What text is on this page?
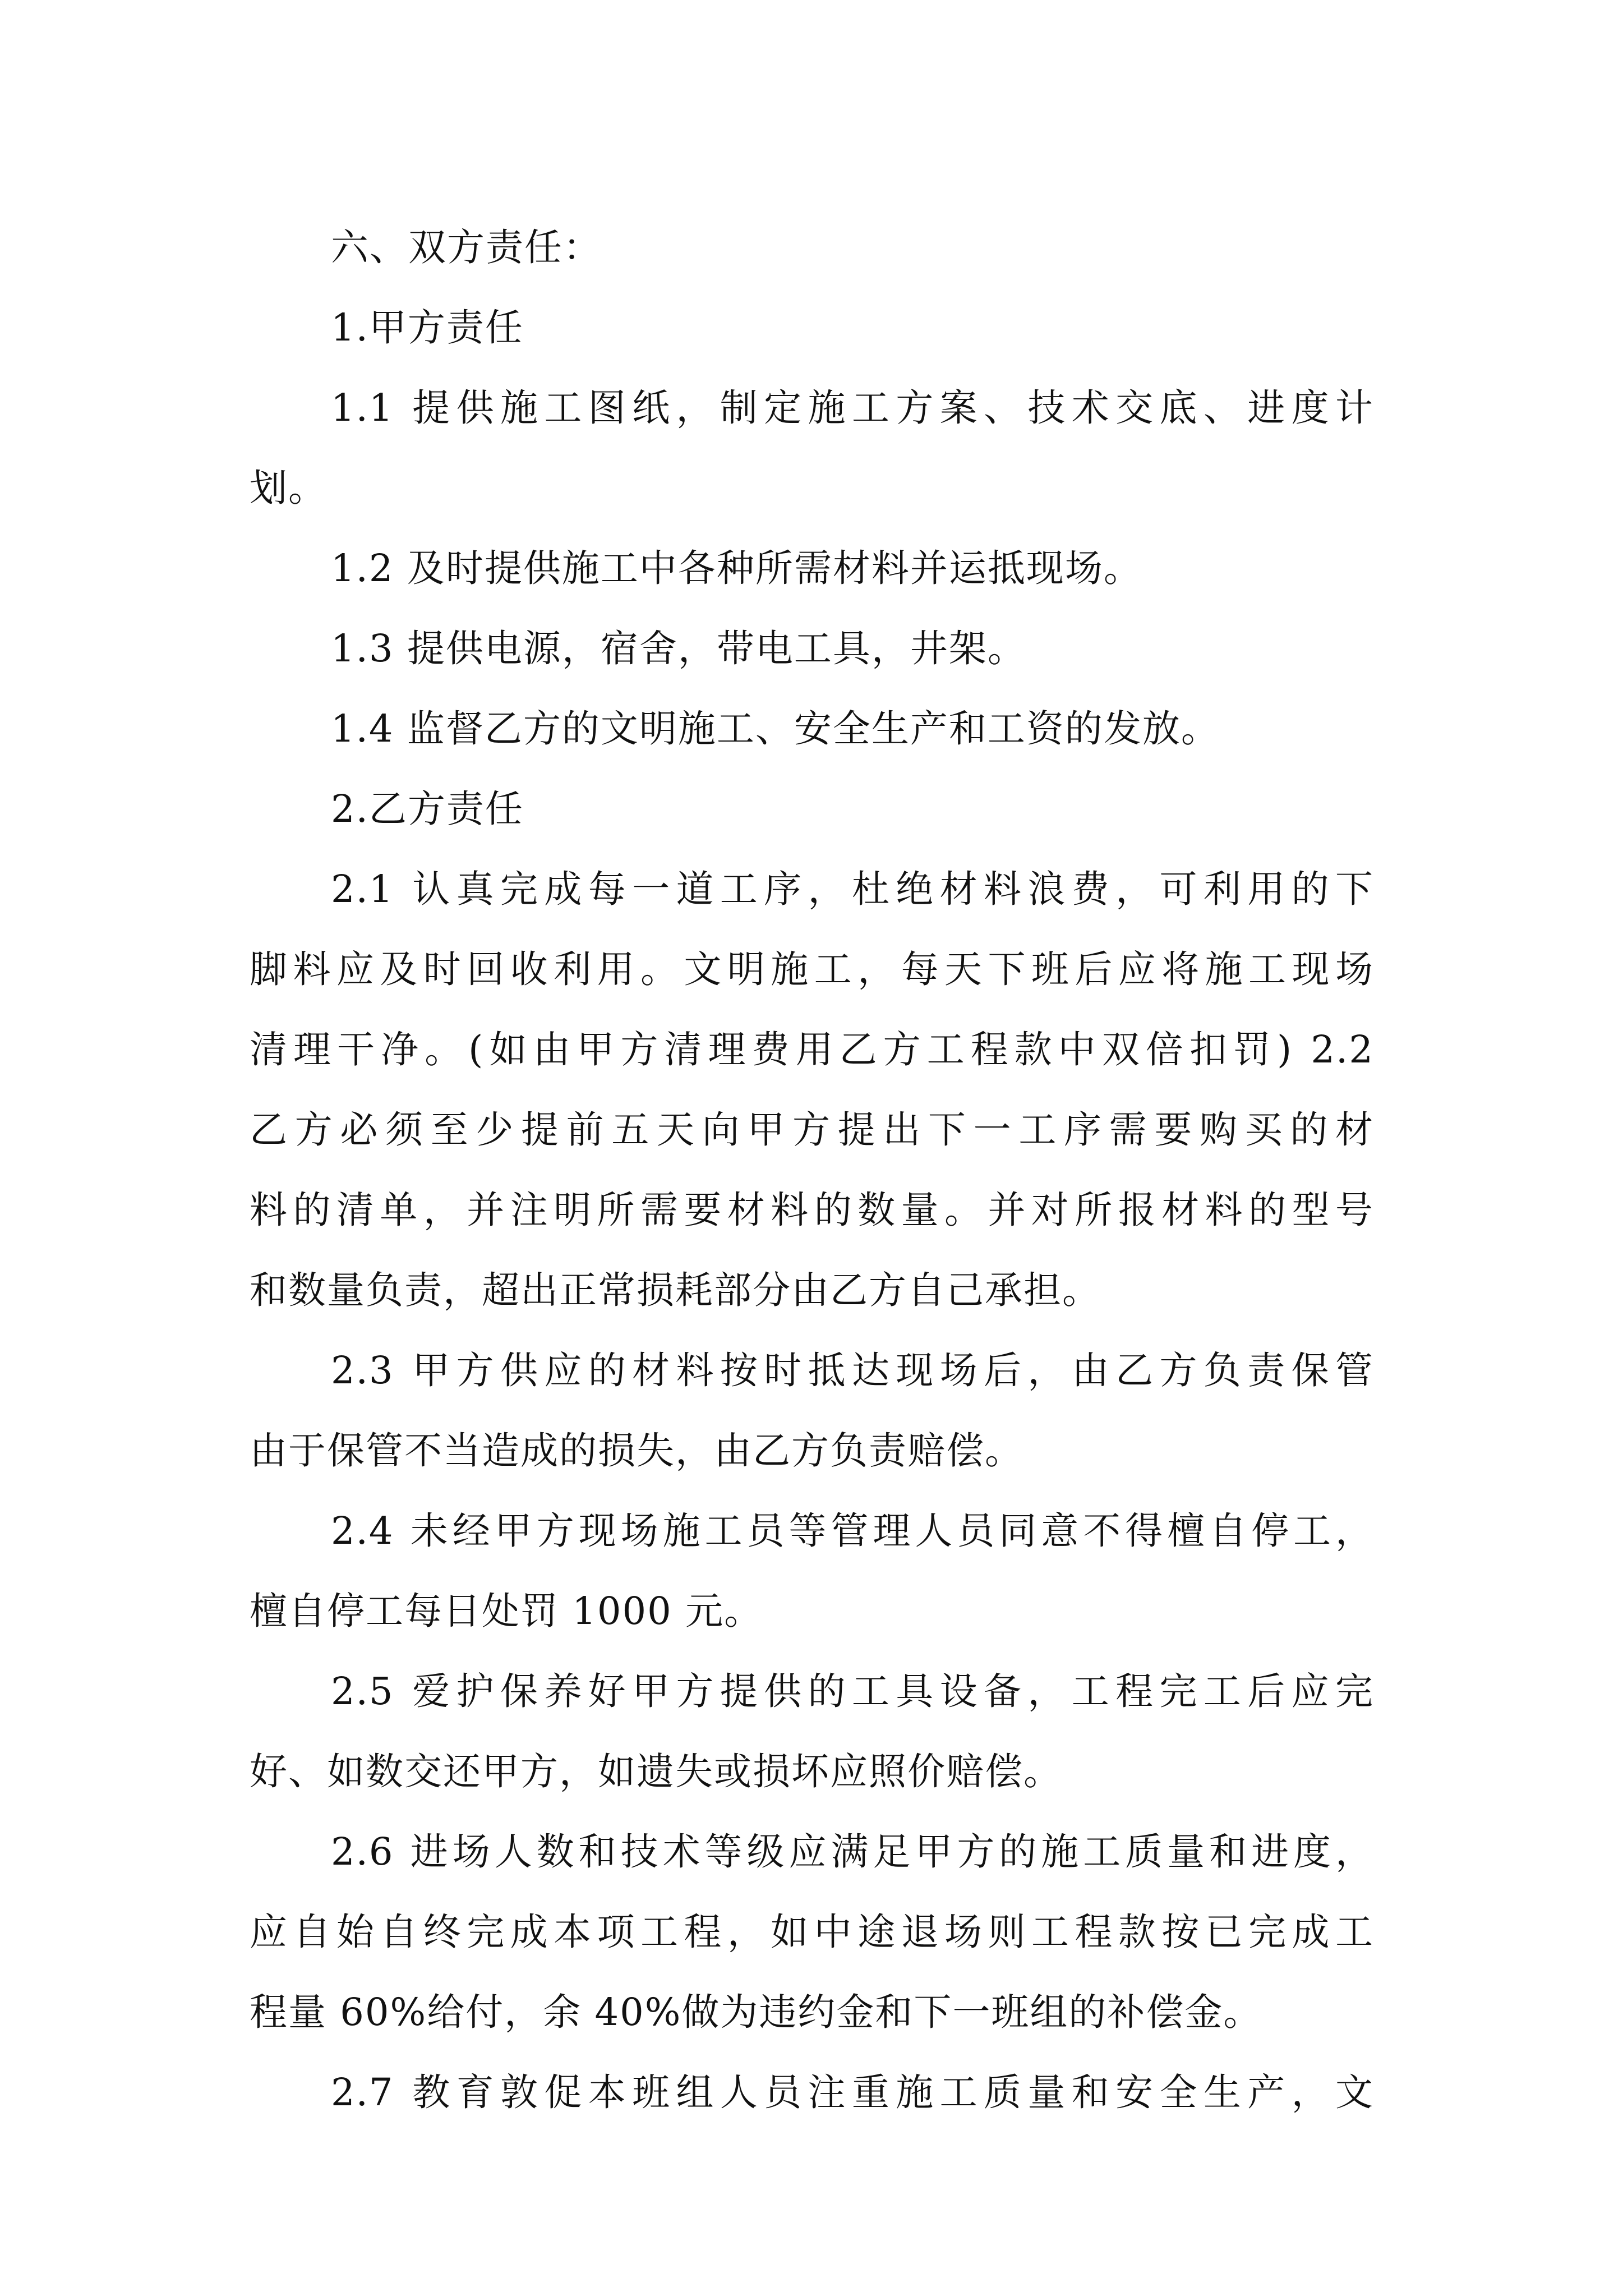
六、双方责任：
1.甲方责任
1.1 提供施工图纸，制定施工方案、技术交底、进度计
划。
1.2 及时提供施工中各种所需材料并运抵现场。
1.3 提供电源，宿舍，带电工具，井架。
1.4 监督乙方的文明施工、安全生产和工资的发放。
2.乙方责任
2.1 认真完成每一道工序，杜绝材料浪费，可利用的下
脚料应及时回收利用。文明施工，每天下班后应将施工现场
清理干净。(如由甲方清理费用乙方工程款中双倍扣罚) 2.2
乙方必须至少提前五天向甲方提出下一工序需要购买的材
料的清单，并注明所需要材料的数量。并对所报材料的型号
和数量负责，超出正常损耗部分由乙方自己承担。
2.3 甲方供应的材料按时抵达现场后，由乙方负责保管
由于保管不当造成的损失，由乙方负责赔偿。
2.4 未经甲方现场施工员等管理人员同意不得檀自停工，
檀自停工每日处罚 1000 元。
2.5 爱护保养好甲方提供的工具设备，工程完工后应完
好、如数交还甲方，如遗失或损坏应照价赔偿。
2.6 进场人数和技术等级应满足甲方的施工质量和进度，
应自始自终完成本项工程，如中途退场则工程款按已完成工
程量 60%给付，余 40%做为违约金和下一班组的补偿金。
2.7 教育敦促本班组人员注重施工质量和安全生产，文
